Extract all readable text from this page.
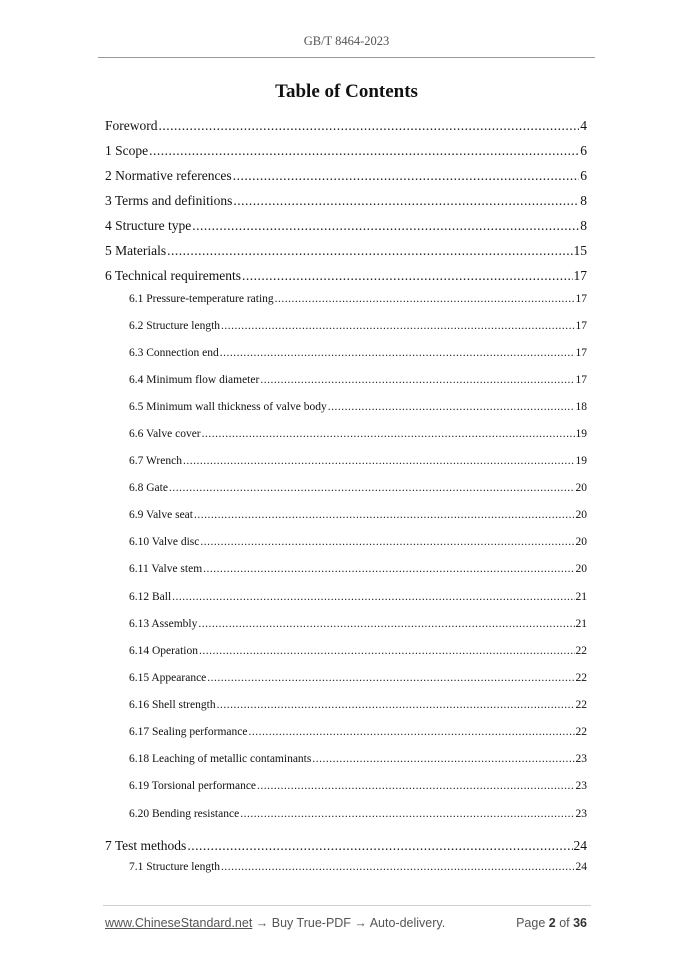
GB/T 8464-2023
Table of Contents
Foreword .....	4
1 Scope .....	6
2 Normative references .....	6
3 Terms and definitions .....	8
4 Structure type .....	8
5 Materials .....	15
6 Technical requirements .....	17
6.1 Pressure-temperature rating .....	17
6.2 Structure length .....	17
6.3 Connection end .....	17
6.4 Minimum flow diameter .....	17
6.5 Minimum wall thickness of valve body .....	18
6.6 Valve cover .....	19
6.7 Wrench .....	19
6.8 Gate .....	20
6.9 Valve seat .....	20
6.10 Valve disc .....	20
6.11 Valve stem .....	20
6.12 Ball .....	21
6.13 Assembly .....	21
6.14 Operation .....	22
6.15 Appearance .....	22
6.16 Shell strength .....	22
6.17 Sealing performance .....	22
6.18 Leaching of metallic contaminants .....	23
6.19 Torsional performance .....	23
6.20 Bending resistance .....	23
7 Test methods .....	24
7.1 Structure length .....	24
www.ChineseStandard.net → Buy True-PDF → Auto-delivery.	Page 2 of 36
